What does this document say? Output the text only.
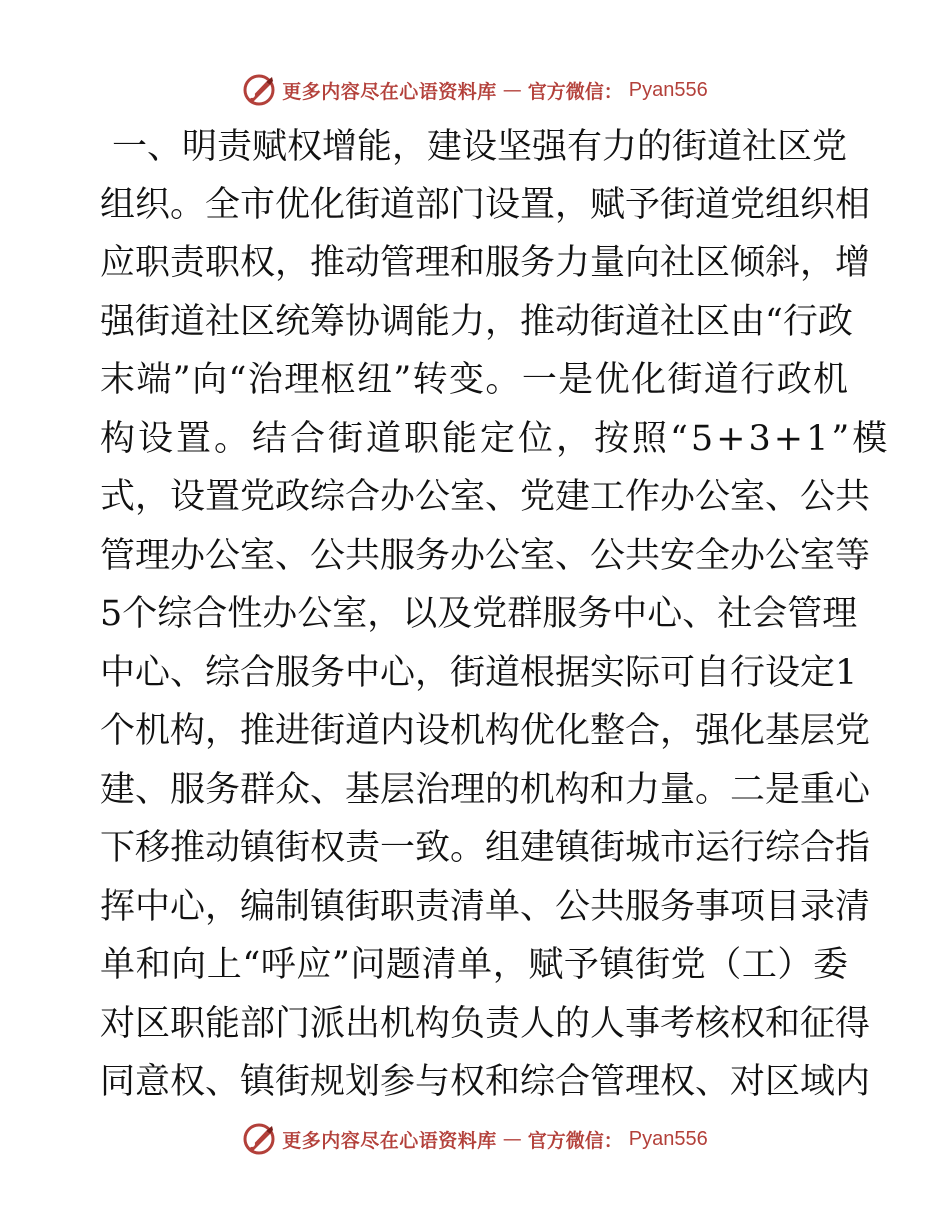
更多内容尽在心语资料库 — 官方微信： Pyan556
一、明责赋权增能，建设坚强有力的街道社区党
组织。全市优化街道部门设置，赋予街道党组织相
应职责职权，推动管理和服务力量向社区倾斜，增
强街道社区统筹协调能力，推动街道社区由“行政
末端”向“治理枢纽”转变。一是优化街道行政机
构设置。结合街道职能定位，按照“5+3+1”模
式，设置党政综合办公室、党建工作办公室、公共
管理办公室、公共服务办公室、公共安全办公室等
5个综合性办公室，以及党群服务中心、社会管理
中心、综合服务中心，街道根据实际可自行设定1
个机构，推进街道内设机构优化整合，强化基层党
建、服务群众、基层治理的机构和力量。二是重心
下移推动镇街权责一致。组建镇街城市运行综合指
挥中心，编制镇街职责清单、公共服务事项目录清
单和向上“呼应”问题清单，赋予镇街党（工）委
对区职能部门派出机构负责人的人事考核权和征得
同意权、镇街规划参与权和综合管理权、对区域内
更多内容尽在心语资料库 — 官方微信： Pyan556
